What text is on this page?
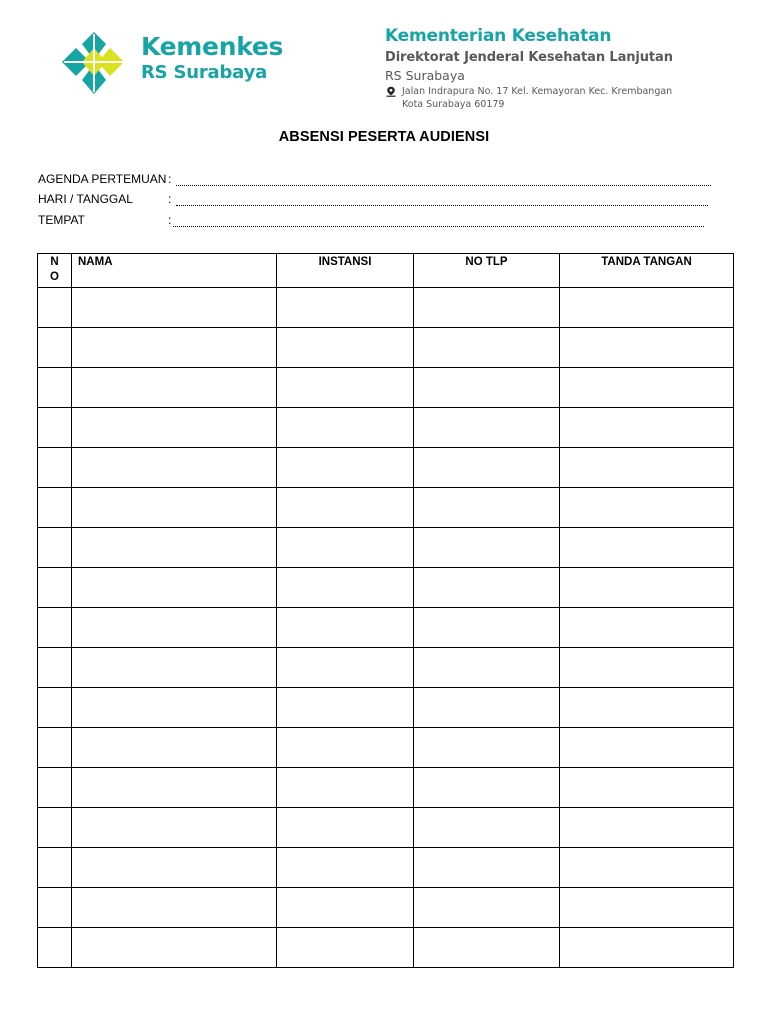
Kemenkes
RS Surabaya
Kementerian Kesehatan
Direktorat Jenderal Kesehatan Lanjutan
RS Surabaya
Jalan Indrapura No. 17 Kel. Kemayoran Kec. Krembangan
Kota Surabaya 60179
ABSENSI PESERTA AUDIENSI
AGENDA PERTEMUAN :
HARI / TANGGAL	:
TEMPAT	:
N O	NAMA	INSTANSI	NO TLP	TANDA TANGAN
